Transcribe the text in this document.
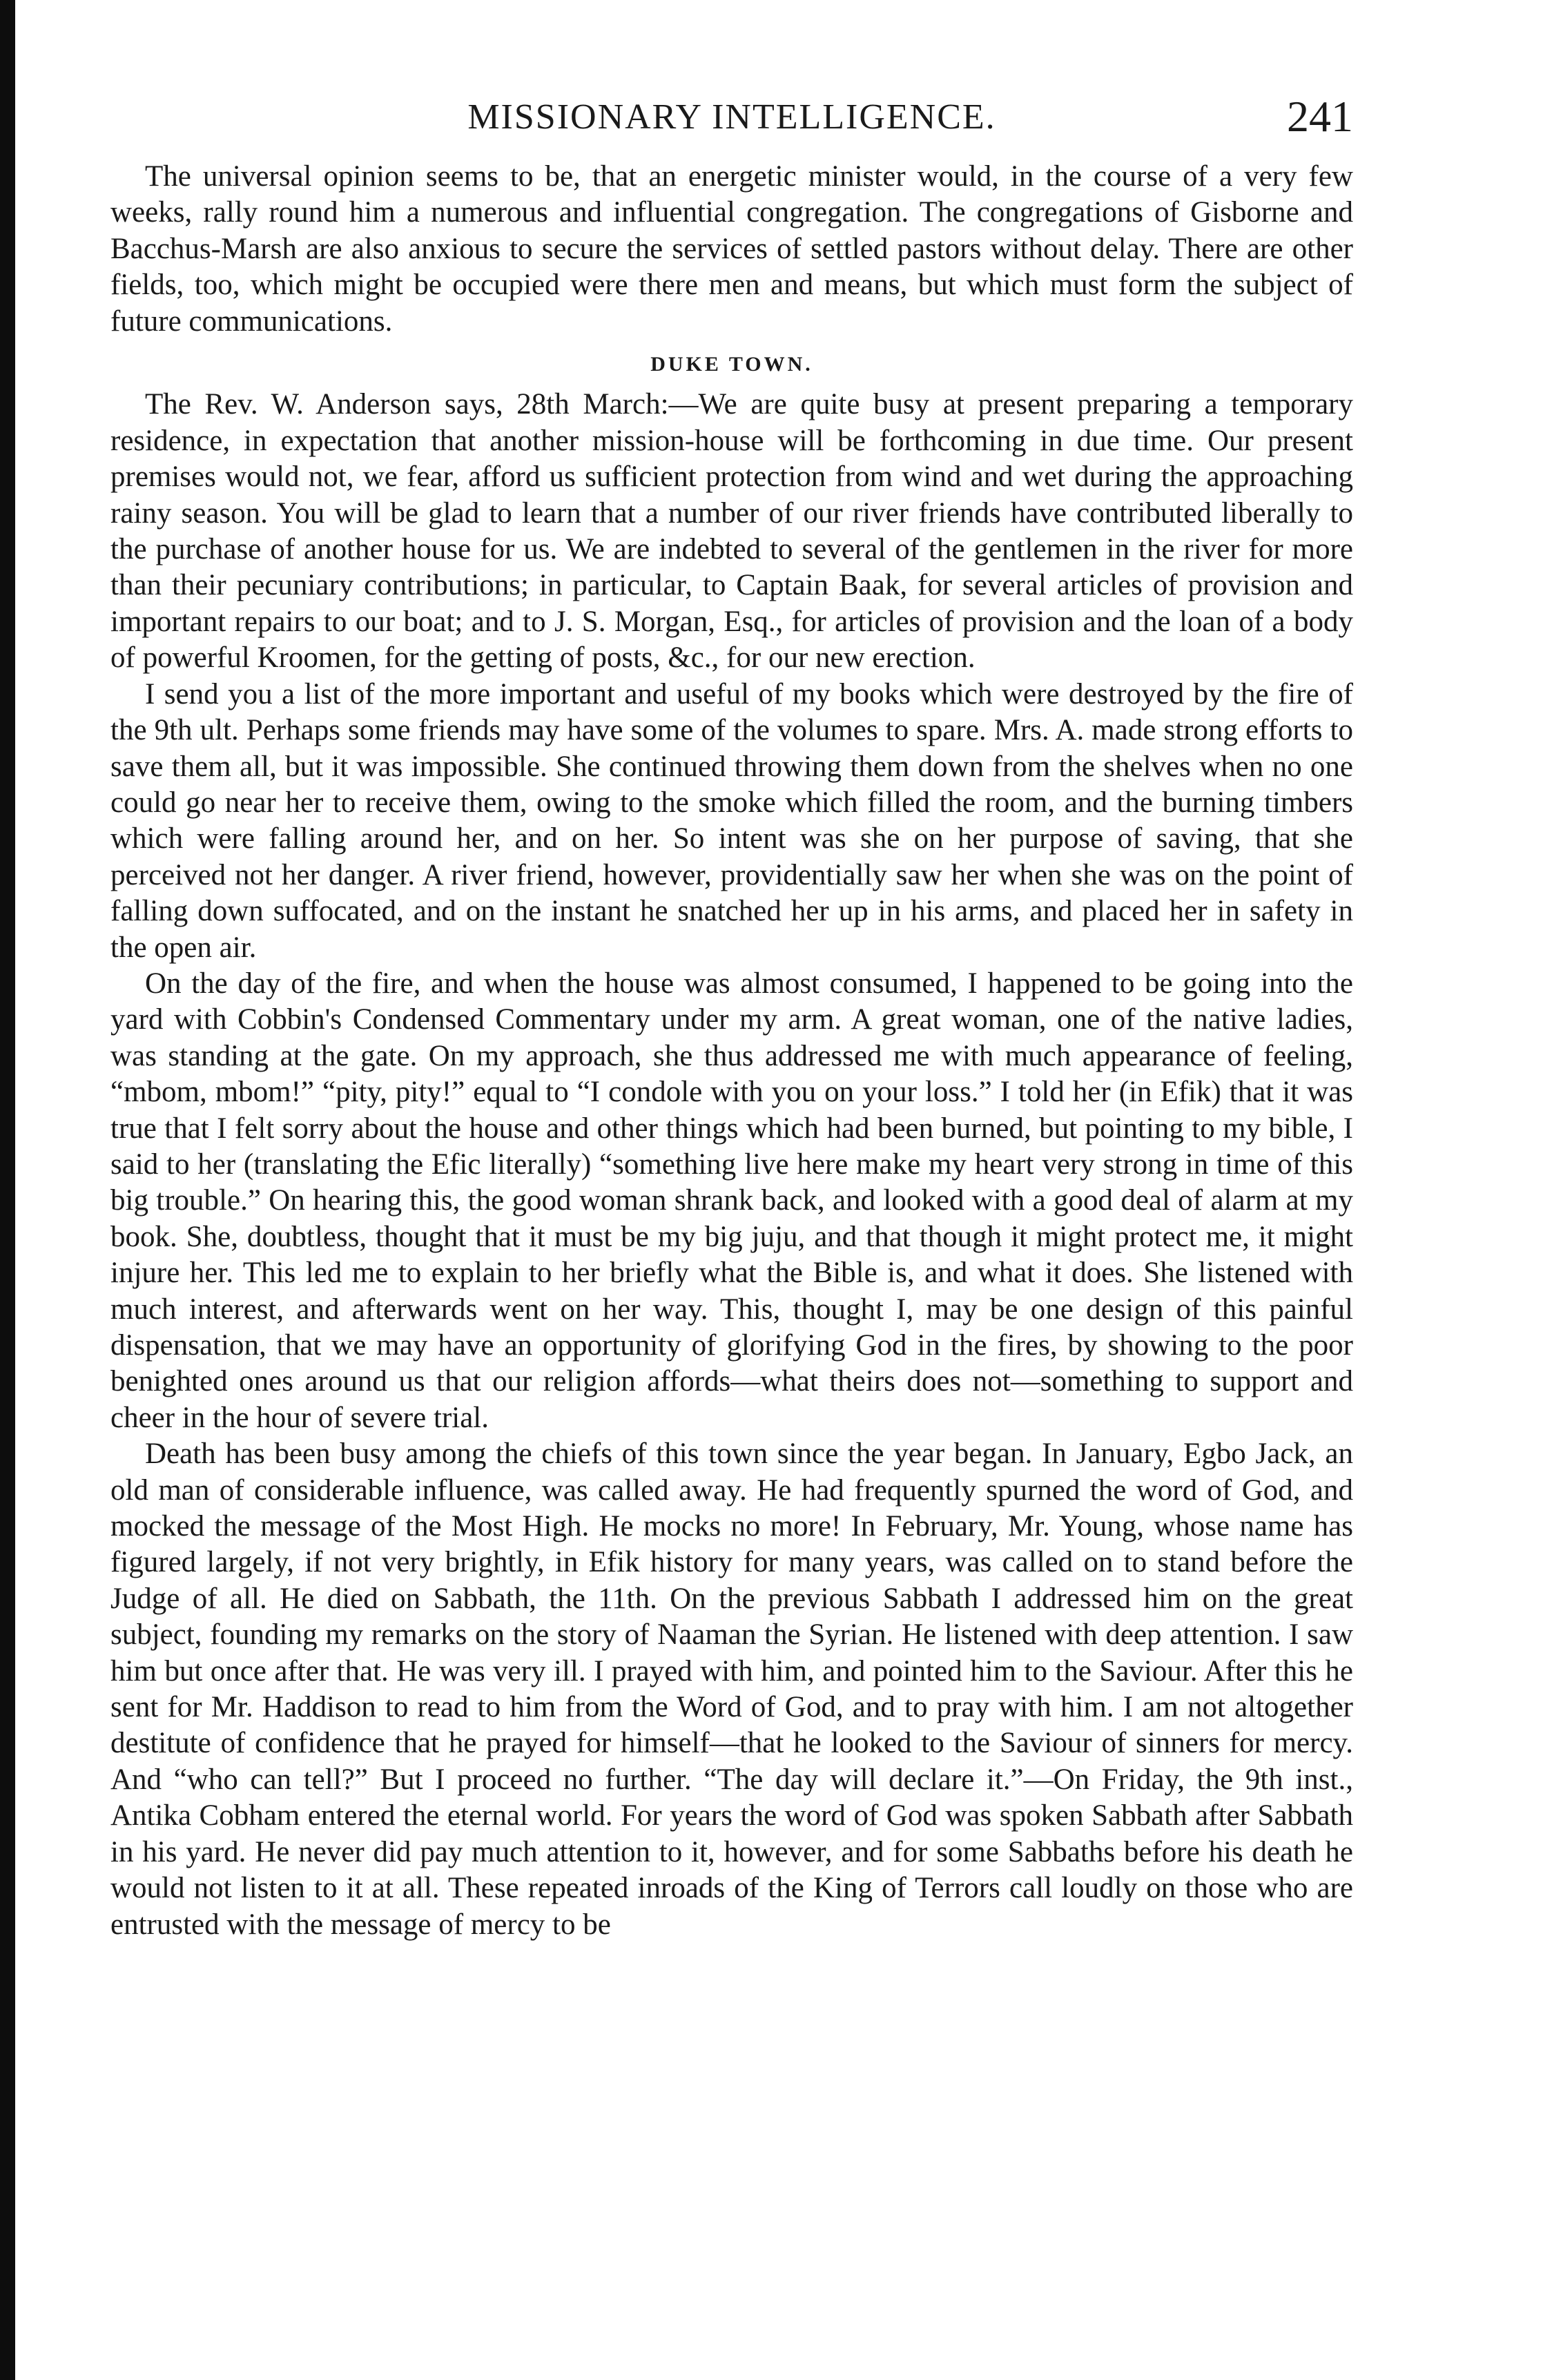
MISSIONARY INTELLIGENCE.	241

The universal opinion seems to be, that an energetic minister would, in the course of a very few weeks, rally round him a numerous and influential congregation. The congregations of Gisborne and Bacchus-Marsh are also anxious to secure the services of settled pastors without delay. There are other fields, too, which might be occupied were there men and means, but which must form the subject of future communications.

DUKE TOWN.

The Rev. W. Anderson says, 28th March:—We are quite busy at present preparing a temporary residence, in expectation that another mission-house will be forthcoming in due time. Our present premises would not, we fear, afford us sufficient protection from wind and wet during the approaching rainy season. You will be glad to learn that a number of our river friends have contributed liberally to the purchase of another house for us. We are indebted to several of the gentlemen in the river for more than their pecuniary contributions; in particular, to Captain Baak, for several articles of provision and important repairs to our boat; and to J. S. Morgan, Esq., for articles of provision and the loan of a body of powerful Kroomen, for the getting of posts, &c., for our new erection.

I send you a list of the more important and useful of my books which were destroyed by the fire of the 9th ult. Perhaps some friends may have some of the volumes to spare. Mrs. A. made strong efforts to save them all, but it was impossible. She continued throwing them down from the shelves when no one could go near her to receive them, owing to the smoke which filled the room, and the burning timbers which were falling around her, and on her. So intent was she on her purpose of saving, that she perceived not her danger. A river friend, however, providentially saw her when she was on the point of falling down suffocated, and on the instant he snatched her up in his arms, and placed her in safety in the open air.

On the day of the fire, and when the house was almost consumed, I happened to be going into the yard with Cobbin's Condensed Commentary under my arm. A great woman, one of the native ladies, was standing at the gate. On my approach, she thus addressed me with much appearance of feeling, “mbom, mbom!” “pity, pity!” equal to “I condole with you on your loss.” I told her (in Efik) that it was true that I felt sorry about the house and other things which had been burned, but pointing to my bible, I said to her (translating the Efic literally) “something live here make my heart very strong in time of this big trouble.” On hearing this, the good woman shrank back, and looked with a good deal of alarm at my book. She, doubtless, thought that it must be my big juju, and that though it might protect me, it might injure her. This led me to explain to her briefly what the Bible is, and what it does. She listened with much interest, and afterwards went on her way. This, thought I, may be one design of this painful dispensation, that we may have an opportunity of glorifying God in the fires, by showing to the poor benighted ones around us that our religion affords—what theirs does not—something to support and cheer in the hour of severe trial.

Death has been busy among the chiefs of this town since the year began. In January, Egbo Jack, an old man of considerable influence, was called away. He had frequently spurned the word of God, and mocked the message of the Most High. He mocks no more! In February, Mr. Young, whose name has figured largely, if not very brightly, in Efik history for many years, was called on to stand before the Judge of all. He died on Sabbath, the 11th. On the previous Sabbath I addressed him on the great subject, founding my remarks on the story of Naaman the Syrian. He listened with deep attention. I saw him but once after that. He was very ill. I prayed with him, and pointed him to the Saviour. After this he sent for Mr. Haddison to read to him from the Word of God, and to pray with him. I am not altogether destitute of confidence that he prayed for himself—that he looked to the Saviour of sinners for mercy. And “who can tell?” But I proceed no further. “The day will declare it.”—On Friday, the 9th inst., Antika Cobham entered the eternal world. For years the word of God was spoken Sabbath after Sabbath in his yard. He never did pay much attention to it, however, and for some Sabbaths before his death he would not listen to it at all. These repeated inroads of the King of Terrors call loudly on those who are entrusted with the message of mercy to be
